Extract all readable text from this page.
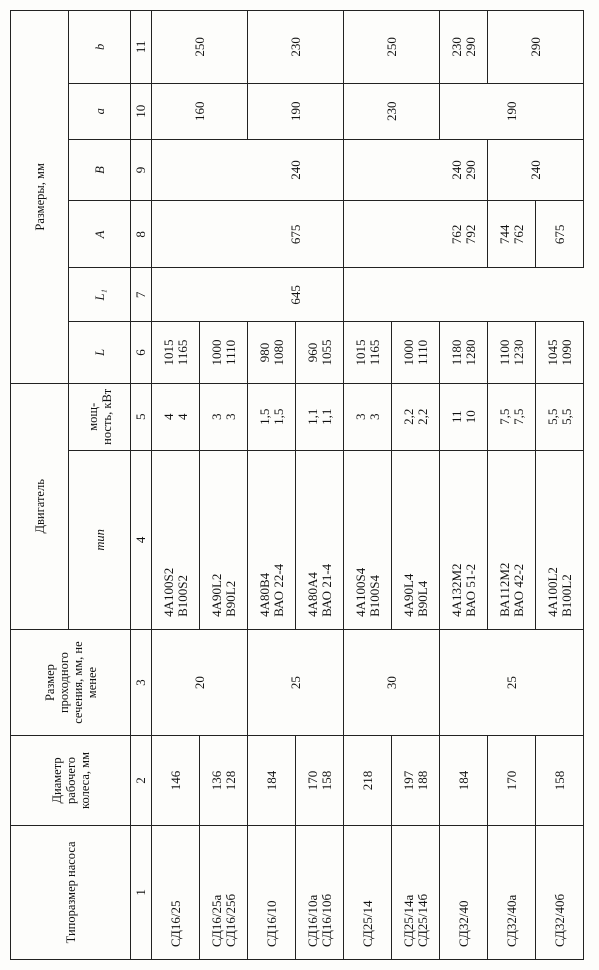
Типоразмер насоса	Диаметр рабочего колеса, мм	Размер проходного сечения, мм, не менее	Двигатель		Размеры, мм					
			тип	мощ-ность, кВт	L	L₁	A	B	a	b
1	2	3	4	5	6	7	8	9	10	11
СД16/25	146	20	4А100S2 В100S2	4 4	1015 1165				160	250

СД16/25а СД16/25б	136 128		4А90L2 В90L2	3 3	1000 1110					

СД16/10	184	25	4А80В4 ВАО 22-4	1,5 1,5	980 1080	645	675	240	190	230

СД16/10а СД16/10б	170 158		4А80А4 ВАО 21-4	1,1 1,1	960 1055					

СД25/14	218	30	4А100S4 В100S4	3 3	1015 1165				230	250

СД25/14а СД25/14б	197 188		4А90L4 В90L4	2,2 2,2	1000 1110					

СД32/40	184	25	4А132М2 ВАО 51-2	11 10	1180 1280		762 792	240 290	190	230 290

СД32/40а	170		ВА112М2 ВАО 42-2	7,5 7,5	1100 1230		744 762	240		290
СД32/40б	158		4А100L2 В100L2	5,5 5,5	1045 1090		675			
